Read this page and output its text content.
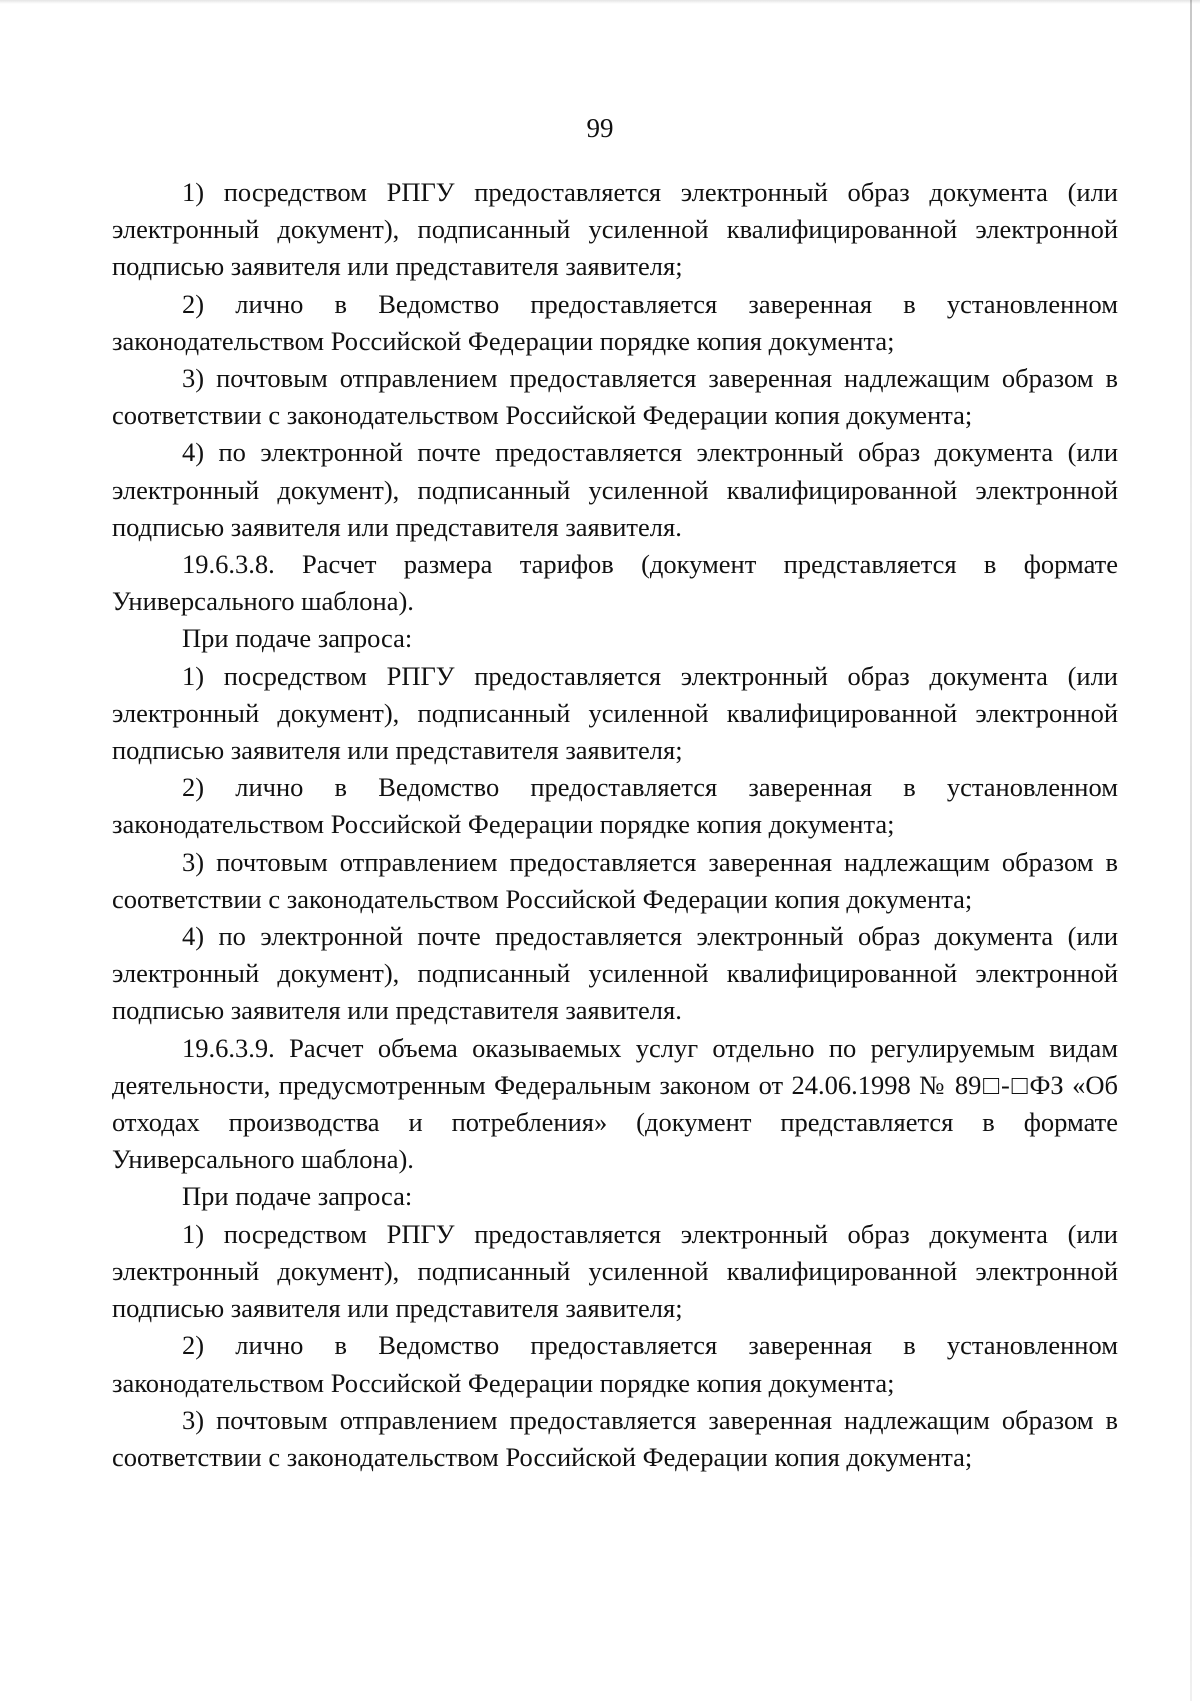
99

1) посредством РПГУ предоставляется электронный образ документа (или электронный документ), подписанный усиленной квалифицированной электронной подписью заявителя или представителя заявителя;

2) лично в Ведомство предоставляется заверенная в установленном законодательством Российской Федерации порядке копия документа;

3) почтовым отправлением предоставляется заверенная надлежащим образом в соответствии с законодательством Российской Федерации копия документа;

4) по электронной почте предоставляется электронный образ документа (или электронный документ), подписанный усиленной квалифицированной электронной подписью заявителя или представителя заявителя.

19.6.3.8. Расчет размера тарифов (документ представляется в формате Универсального шаблона).

При подаче запроса:

1) посредством РПГУ предоставляется электронный образ документа (или электронный документ), подписанный усиленной квалифицированной электронной подписью заявителя или представителя заявителя;

2) лично в Ведомство предоставляется заверенная в установленном законодательством Российской Федерации порядке копия документа;

3) почтовым отправлением предоставляется заверенная надлежащим образом в соответствии с законодательством Российской Федерации копия документа;

4) по электронной почте предоставляется электронный образ документа (или электронный документ), подписанный усиленной квалифицированной электронной подписью заявителя или представителя заявителя.

19.6.3.9. Расчет объема оказываемых услуг отдельно по регулируемым видам деятельности, предусмотренным Федеральным законом от 24.06.1998 № 89□-□ФЗ «Об отходах производства и потребления» (документ представляется в формате Универсального шаблона).

При подаче запроса:

1) посредством РПГУ предоставляется электронный образ документа (или электронный документ), подписанный усиленной квалифицированной электронной подписью заявителя или представителя заявителя;

2) лично в Ведомство предоставляется заверенная в установленном законодательством Российской Федерации порядке копия документа;

3) почтовым отправлением предоставляется заверенная надлежащим образом в соответствии с законодательством Российской Федерации копия документа;
